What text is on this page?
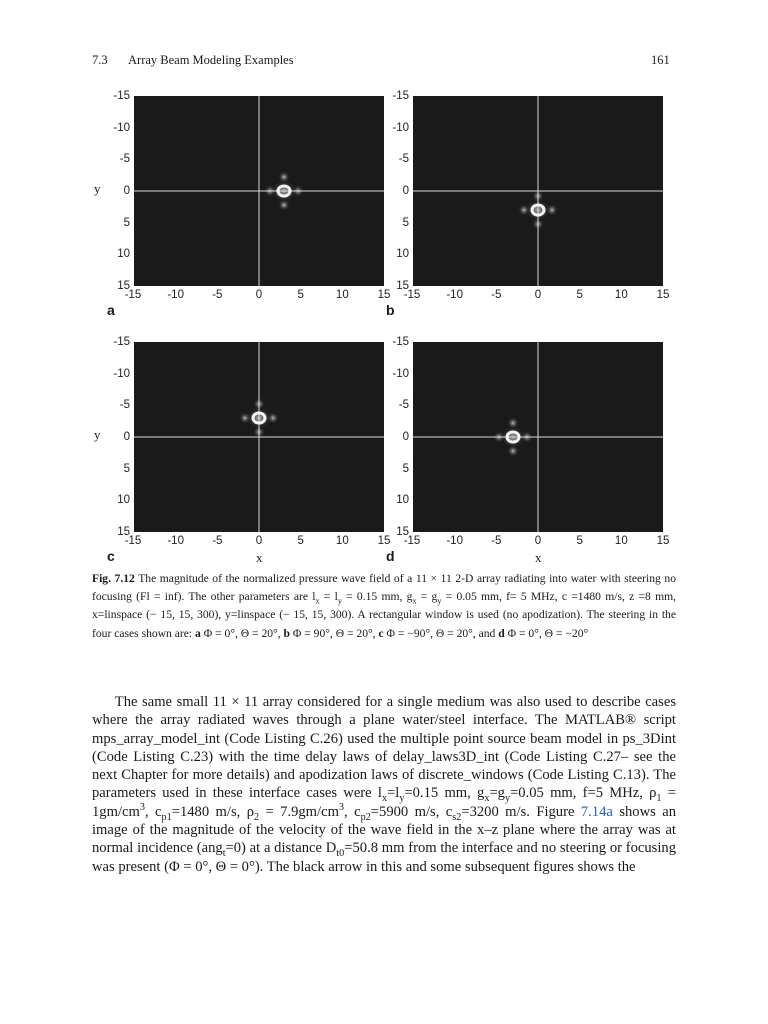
7.3 Array Beam Modeling Examples	161
-15
-10
-5
0
5
10
15
-15	-10	-5	0	5	10	15
a
y
-15
-10
-5
0
5
10
15
-15	-10	-5	0	5	10	15
b
-15
-10
-5
0
5
10
15
-15	-10	-5	0	5	10	15
c
y
x
-15
-10
-5
0
5
10
15
-15	-10	-5	0	5	10	15
d	x
Fig. 7.12 The magnitude of the normalized pressure wave field of a 11 × 11 2-D array radiating into water with steering no focusing (Fl = inf). The other parameters are $l_x = l_y = 0.15$ mm, $g_x = g_y = 0.05$ mm, f= 5 MHz, c =1480 m/s, z =8 mm, x=linspace (− 15, 15, 300), y=linspace (− 15, 15, 300). A rectangular window is used (no apodization). The steering in the four cases shown are: a Φ = 0°, Θ = 20°, b Φ = 90°, Θ = 20°, c Φ = −90°, Θ = 20°, and d Φ = 0°, Θ = −20°
The same small 11 × 11 array considered for a single medium was also used to describe cases where the array radiated waves through a plane water/steel interface. The MATLAB® script mps_array_model_int (Code Listing C.26) used the multiple point source beam model in ps_3Dint (Code Listing C.23) with the time delay laws of delay_laws3D_int (Code Listing C.27– see the next Chapter for more details) and apodization laws of discrete_windows (Code Listing C.13). The parameters used in these interface cases were $l_x=l_y=0.15$ mm, $g_x=g_y=0.05$ mm, f=5 MHz, $\rho_1 = 1gm/cm^3$, $c_{p1}=1480$ m/s, $\rho_2 = 7.9gm/cm^3$, $c_{p2}=5900$ m/s, $c_{s2}=3200$ m/s. Figure 7.14a shows an image of the magnitude of the velocity of the wave field in the x–z plane where the array was at normal incidence (ang$_t$=0) at a distance $D_{t0}=50.8$ mm from the interface and no steering or focusing was present (Φ = 0°, Θ = 0°). The black arrow in this and some subsequent figures shows the
